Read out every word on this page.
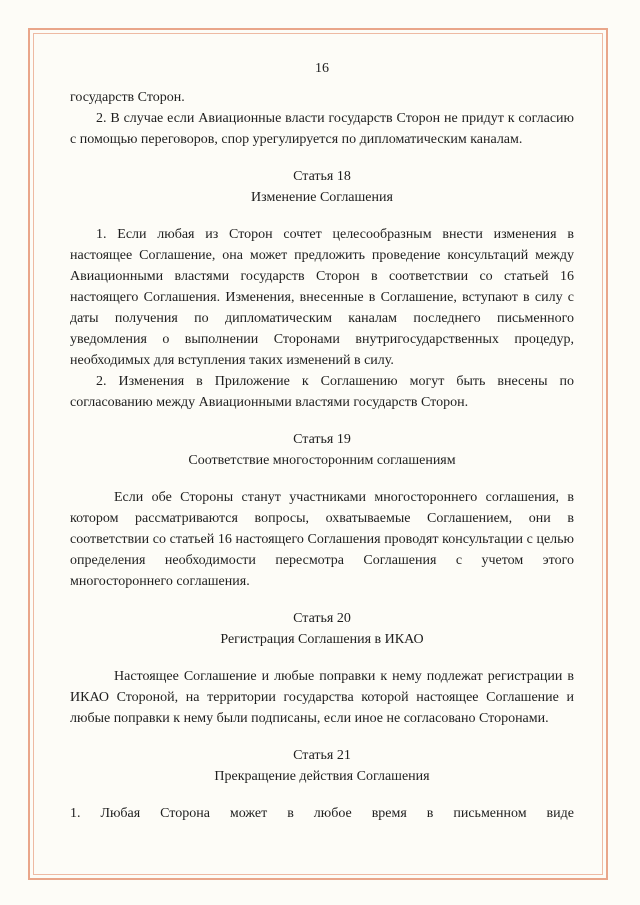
16

государств Сторон.

2. В случае если Авиационные власти государств Сторон не придут к согласию с помощью переговоров, спор урегулируется по дипломатическим каналам.

Статья 18
Изменение Соглашения

1. Если любая из Сторон сочтет целесообразным внести изменения в настоящее Соглашение, она может предложить проведение консультаций между Авиационными властями государств Сторон в соответствии со статьей 16 настоящего Соглашения. Изменения, внесенные в Соглашение, вступают в силу с даты получения по дипломатическим каналам последнего письменного уведомления о выполнении Сторонами внутригосударственных процедур, необходимых для вступления таких изменений в силу.

2. Изменения в Приложение к Соглашению могут быть внесены по согласованию между Авиационными властями государств Сторон.

Статья 19
Соответствие многосторонним соглашениям

Если обе Стороны станут участниками многостороннего соглашения, в котором рассматриваются вопросы, охватываемые Соглашением, они в соответствии со статьей 16 настоящего Соглашения проводят консультации с целью определения необходимости пересмотра Соглашения с учетом этого многостороннего соглашения.

Статья 20
Регистрация Соглашения в ИКАО

Настоящее Соглашение и любые поправки к нему подлежат регистрации в ИКАО Стороной, на территории государства которой настоящее Соглашение и любые поправки к нему были подписаны, если иное не согласовано Сторонами.

Статья 21
Прекращение действия Соглашения

1. Любая Сторона может в любое время в письменном виде
